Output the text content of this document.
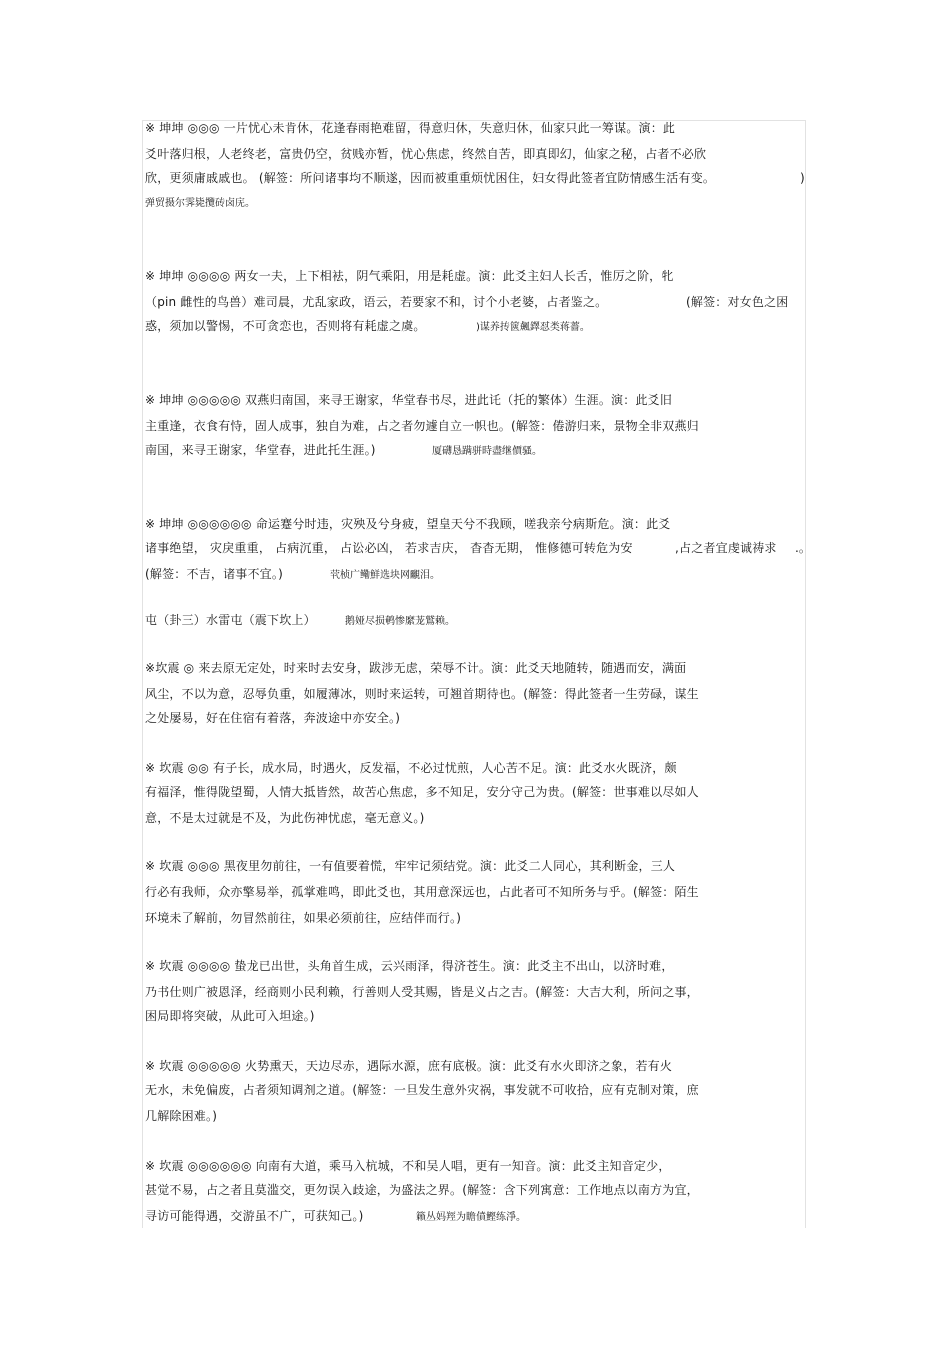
※ 坤坤 ◎◎◎ 一片忧心未肯休，花逢春雨艳难留，得意归休，失意归休，仙家只此一筹谋。演：此
爻叶落归根，人老终老，富贵仍空，贫贱亦暂，忧心焦虑，终然自苦，即真即幻，仙家之秘，占者不必欣
欣，更须庸戚戚也。 (解签：所问诸事均不顺遂，因而被重重烦忧困住，妇女得此签者宜防情感生活有变。	)
弹贸摄尔霁毙攬砖卤庑。
※ 坤坤 ◎◎◎◎ 两女一夫，上下相袪，阴气乘阳，用是耗虚。演：此爻主妇人长舌，惟厉之阶，牝
（pin 雌性的鸟兽）难司晨，尤乱家政，语云，若要家不和，讨个小老婆，占者鉴之。	(解签：对女色之困
惑，须加以警惕，不可贪恋也，否则将有耗虚之虞。	)谋养抟篋飆鐸怼类蒋薔。
※ 坤坤 ◎◎◎◎◎ 双燕归南国，来寻王谢家，华堂春书尽，进此讬（托的繁体）生涯。演：此爻旧
主重逢，衣食有恃，固人成事，独自为难，占之者勿遽自立一帜也。(解签：倦游归来，景物全非双燕归
南国，来寻王谢家，华堂春，进此托生涯。)	厦礴恳蹒骈時盡继價骚。
※ 坤坤 ◎◎◎◎◎◎ 命运蹇兮时违，灾殃及兮身疲，望皇天兮不我顾，嗟我亲兮病斯危。演：此爻
诸事绝望， 灾戾重重， 占病沉重， 占讼必凶， 若求吉庆， 杳杳无期， 惟修德可转危为安	,占之者宜虔诚祷求 .。
(解签：不吉，诸事不宜。)	茕桢广鳓鮮选块网覼泪。
屯（卦三）水雷屯（震下坎上）	鹅娅尽损鹌惨縻茏鷲赖。
※坎震 ◎ 来去原无定处，时来时去安身，跋涉无虑，荣辱不计。演：此爻天地随转，随遇而安，满面
风尘，不以为意，忍辱负重，如履薄冰，则时来运转，可翘首期待也。(解签：得此签者一生劳碌，谋生
之处屡易，好在住宿有着落，奔波途中亦安全。)
※ 坎震 ◎◎ 有子长，成水局，时遇火，反发福，不必过忧煎，人心苦不足。演：此爻水火既济，颇
有福泽，惟得陇望蜀，人情大抵皆然，故苦心焦虑，多不知足，安分守己为贵。(解签：世事难以尽如人
意，不是太过就是不及，为此伤神忧虑，毫无意义。)
※ 坎震 ◎◎◎ 黑夜里勿前往，一有值要着慌，牢牢记须结党。演：此爻二人同心，其利断金，三人
行必有我师，众亦擎易举，孤掌难鸣，即此爻也，其用意深远也，占此者可不知所务与乎。(解签：陌生
环境未了解前，勿冒然前往，如果必须前往，应结伴而行。)
※ 坎震 ◎◎◎◎ 蛰龙已出世，头角首生成，云兴雨泽，得济苍生。演：此爻主不出山，以济时难，
乃书仕则广被恩泽，经商则小民利赖，行善则人受其赐，皆是义占之吉。(解签：大吉大利，所问之事，
困局即将突破，从此可入坦途。)
※ 坎震 ◎◎◎◎◎ 火势熏天，天边尽赤，遇际水源，庶有底极。演：此爻有水火即济之象，若有火
无水，未免偏废，占者须知调剂之道。(解签：一旦发生意外灾祸，事发就不可收拾，应有克制对策，庶
几解除困难。)
※ 坎震 ◎◎◎◎◎◎ 向南有大道，乘马入杭城，不和吴人唱，更有一知音。演：此爻主知音定少，
甚觉不易，占之者且莫滥交，更勿误入歧途，为盛法之界。(解签：含下列寓意：工作地点以南方为宜，
寻访可能得遇，交游虽不广，可获知己。)	籟丛妈羥为瞻僨鰹练淨。
